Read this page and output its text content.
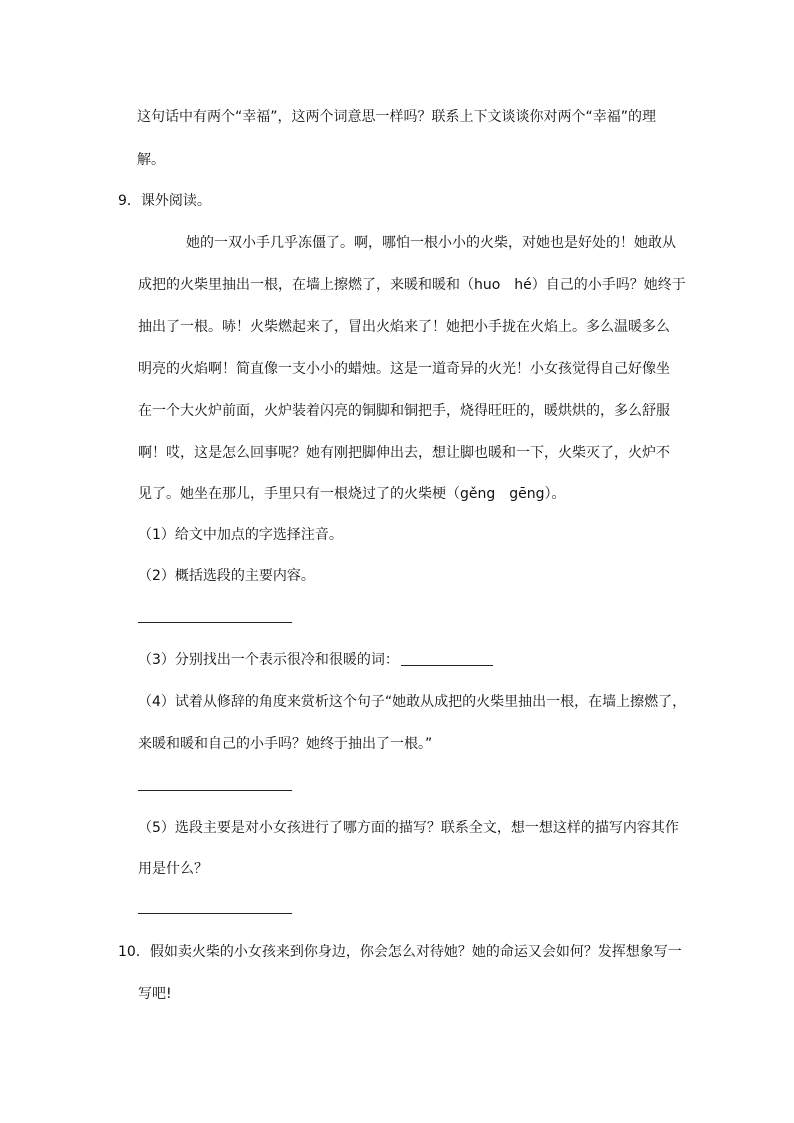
这句话中有两个“幸福”，这两个词意思一样吗？联系上下文谈谈你对两个“幸福”的理
解。
9．课外阅读。
她的一双小手几乎冻僵了。啊，哪怕一根小小的火柴，对她也是好处的！她敢从
成把的火柴里抽出一根，在墙上擦燃了，来暖和暖和（huo　hé）自己的小手吗？她终于
抽出了一根。哧！火柴燃起来了，冒出火焰来了！她把小手拢在火焰上。多么温暖多么
明亮的火焰啊！简直像一支小小的蜡烛。这是一道奇异的火光！小女孩觉得自己好像坐
在一个大火炉前面，火炉装着闪亮的铜脚和铜把手，烧得旺旺的，暖烘烘的，多么舒服
啊！哎，这是怎么回事呢？她有刚把脚伸出去，想让脚也暖和一下，火柴灭了，火炉不
见了。她坐在那儿，手里只有一根烧过了的火柴梗（gěng　gēng）。
（1）给文中加点的字选择注音。
（2）概括选段的主要内容。
（3）分别找出一个表示很冷和很暖的词：
（4）试着从修辞的角度来赏析这个句子“她敢从成把的火柴里抽出一根，在墙上擦燃了，
来暖和暖和自己的小手吗？她终于抽出了一根。”
（5）选段主要是对小女孩进行了哪方面的描写？联系全文，想一想这样的描写内容其作
用是什么？
10．假如卖火柴的小女孩来到你身边，你会怎么对待她？她的命运又会如何？发挥想象写一
写吧!
